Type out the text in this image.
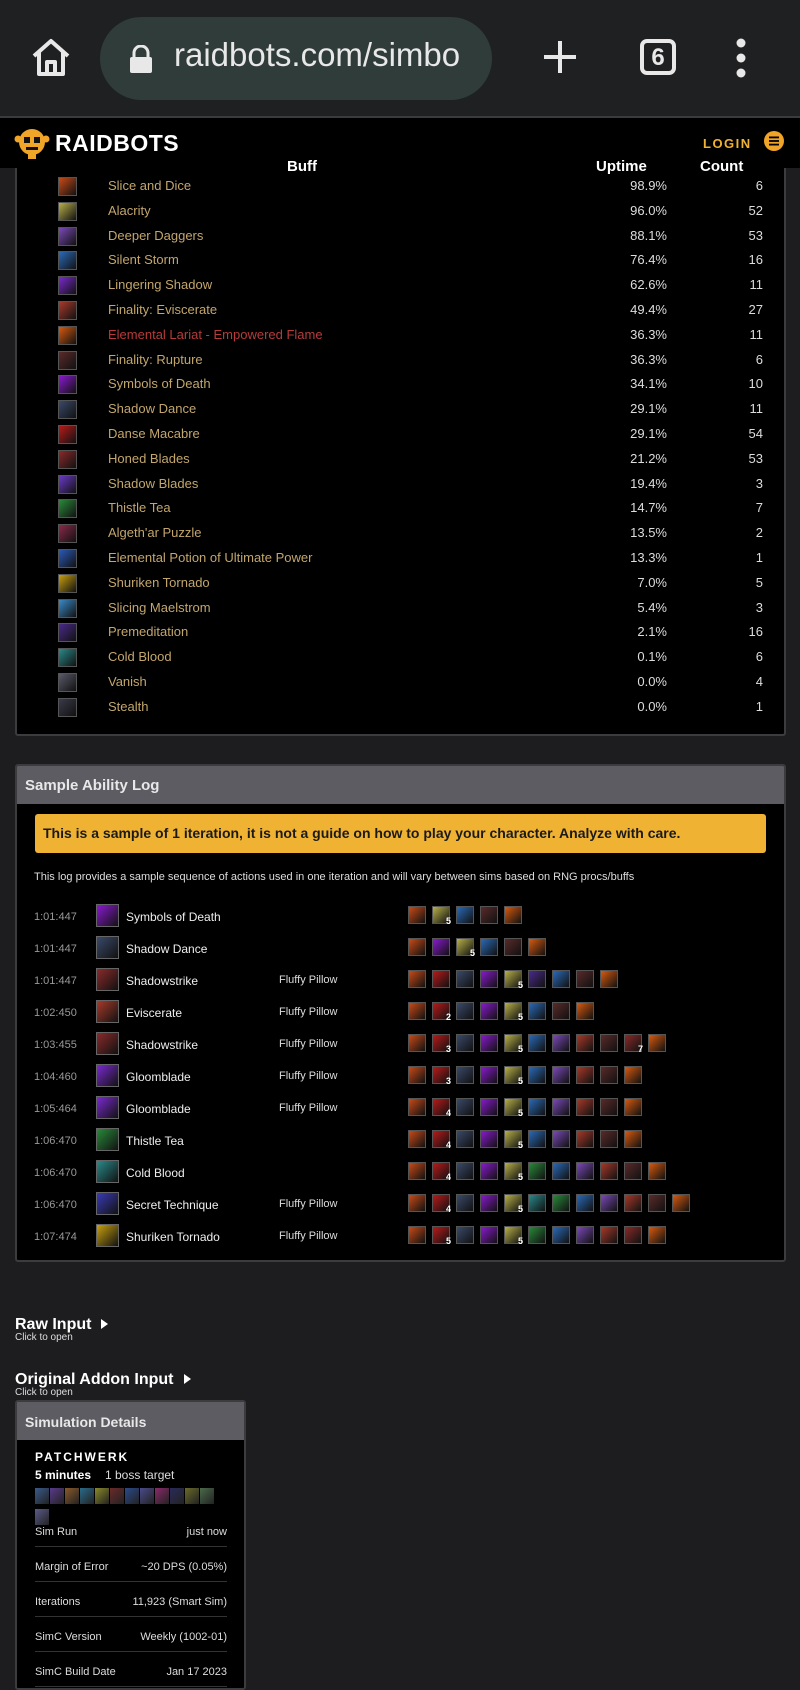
raidbots.com/simbo	6
RAIDBOTS	LOGIN
Buff	Uptime	Count
Slice and Dice	98.9%	6
Alacrity	96.0%	52
Deeper Daggers	88.1%	53
Silent Storm	76.4%	16
Lingering Shadow	62.6%	11
Finality: Eviscerate	49.4%	27
Elemental Lariat - Empowered Flame	36.3%	11
Finality: Rupture	36.3%	6
Symbols of Death	34.1%	10
Shadow Dance	29.1%	11
Danse Macabre	29.1%	54
Honed Blades	21.2%	53
Shadow Blades	19.4%	3
Thistle Tea	14.7%	7
Algeth'ar Puzzle	13.5%	2
Elemental Potion of Ultimate Power	13.3%	1
Shuriken Tornado	7.0%	5
Slicing Maelstrom	5.4%	3
Premeditation	2.1%	16
Cold Blood	0.1%	6
Vanish	0.0%	4
Stealth	0.0%	1
Sample Ability Log
This is a sample of 1 iteration, it is not a guide on how to play your character. Analyze with care.
This log provides a sample sequence of actions used in one iteration and will vary between sims based on RNG procs/buffs
1:01:447	Symbols of Death	5
1:01:447	Shadow Dance	5
1:01:447	Shadowstrike	Fluffy Pillow	5
1:02:450	Eviscerate	Fluffy Pillow	2	5
1:03:455	Shadowstrike	Fluffy Pillow	3	5	7
1:04:460	Gloomblade	Fluffy Pillow	3	5
1:05:464	Gloomblade	Fluffy Pillow	4	5
1:06:470	Thistle Tea	4	5
1:06:470	Cold Blood	4	5
1:06:470	Secret Technique	Fluffy Pillow	4	5
1:07:474	Shuriken Tornado	Fluffy Pillow	5	5
Raw Input
Click to open
Original Addon Input
Click to open
Simulation Details
PATCHWERK
5 minutes 1 boss target
Sim Run	just now
Margin of Error	~20 DPS (0.05%)
Iterations	11,923 (Smart Sim)
SimC Version	Weekly (1002-01)
SimC Build Date	Jan 17 2023
